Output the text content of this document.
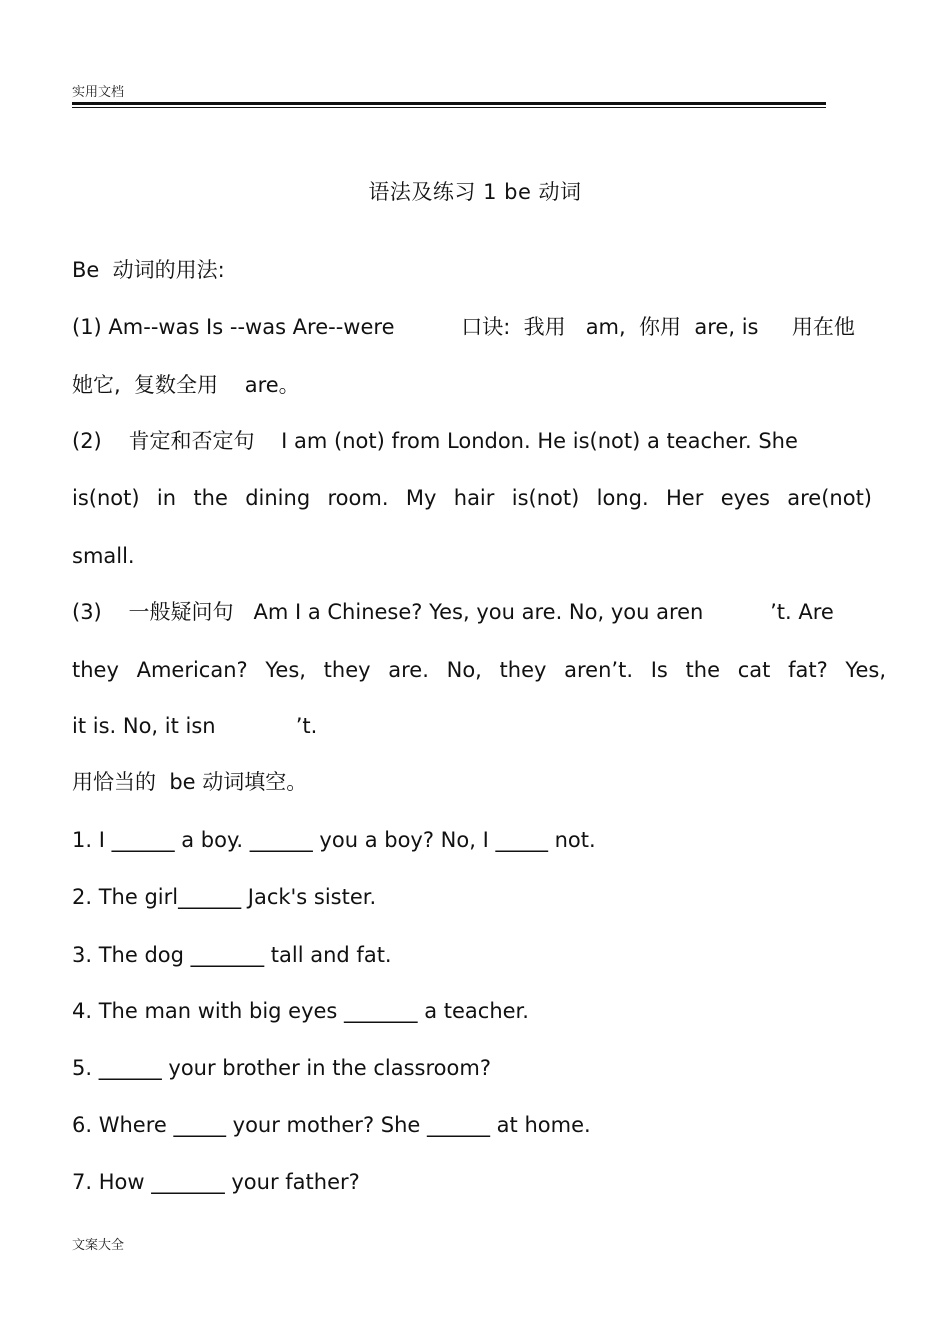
实用文档
语法及练习 1 be 动词
Be  动词的用法:
(1) Am--was Is --was Are--were          口诀:  我用   am,  你用  are, is     用在他
她它,  复数全用    are。
(2)    肯定和否定句    I am (not) from London. He is(not) a teacher. She
is(not) in the dining room. My hair is(not) long. Her eyes are(not)
small.
(3)    一般疑问句   Am I a Chinese? Yes, you are. No, you aren          ’t. Are
they American? Yes, they are. No, they aren’t. Is the cat fat? Yes,
it is. No, it isn            ’t.
用恰当的  be 动词填空。
1. I ______ a boy. ______ you a boy? No, I _____ not.
2. The girl______ Jack's sister.
3. The dog _______ tall and fat.
4. The man with big eyes _______ a teacher.
5. ______ your brother in the classroom?
6. Where _____ your mother? She ______ at home.
7. How _______ your father?
文案大全
